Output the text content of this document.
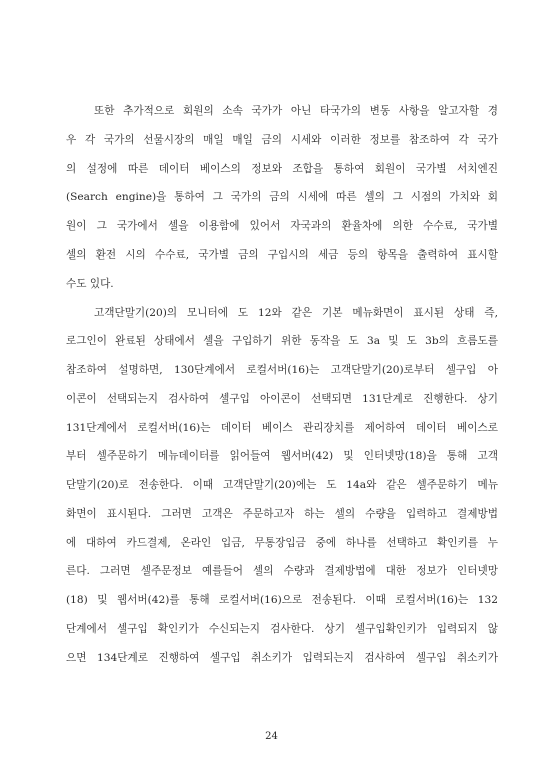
또한 추가적으로 회원의 소속 국가가 아닌 타국가의 변동 사항을 알고자할 경
우 각 국가의 선물시장의 매일 매일 금의 시세와 이러한 정보를 참조하여 각 국가
의 설정에 따른 데이터 베이스의 정보와 조합을 통하여 회원이 국가별 서치엔진
(Search engine)을 통하여 그 국가의 금의 시세에 따른 셀의 그 시점의 가치와 회
원이 그 국가에서 셀을 이용함에 있어서 자국과의 환율차에 의한 수수료, 국가별
셀의 환전 시의 수수료, 국가별 금의 구입시의 세금 등의 항목을 출력하여 표시할
수도 있다.
고객단말기(20)의 모니터에 도 12와 같은 기본 메뉴화면이 표시된 상태 즉,
로그인이 완료된 상태에서 셀을 구입하기 위한 동작을 도 3a 및 도 3b의 흐름도를
참조하여 설명하면, 130단계에서 로컬서버(16)는 고객단말기(20)로부터 셀구입 아
이콘이 선택되는지 검사하여 셀구입 아이콘이 선택되면 131단계로 진행한다. 상기
131단계에서 로컬서버(16)는 데이터 베이스 관리장치를 제어하여 데이터 베이스로
부터 셀주문하기 메뉴데이터를 읽어들여 웹서버(42) 및 인터넷망(18)을 통해 고객
단말기(20)로 전송한다. 이때 고객단말기(20)에는 도 14a와 같은 셀주문하기 메뉴
화면이 표시된다. 그러면 고객은 주문하고자 하는 셀의 수량을 입력하고 결제방법
에 대하여 카드결제, 온라인 입금, 무통장입금 중에 하나를 선택하고 확인키를 누
른다. 그러면 셀주문정보 예를들어 셀의 수량과 결제방법에 대한 정보가 인터넷망
(18) 및 웹서버(42)를 통해 로컬서버(16)으로 전송된다. 이때 로컬서버(16)는 132
단계에서 셀구입 확인키가 수신되는지 검사한다. 상기 셀구입확인키가 입력되지 않
으면 134단계로 진행하여 셀구입 취소키가 입력되는지 검사하여 셀구입 취소키가
24
